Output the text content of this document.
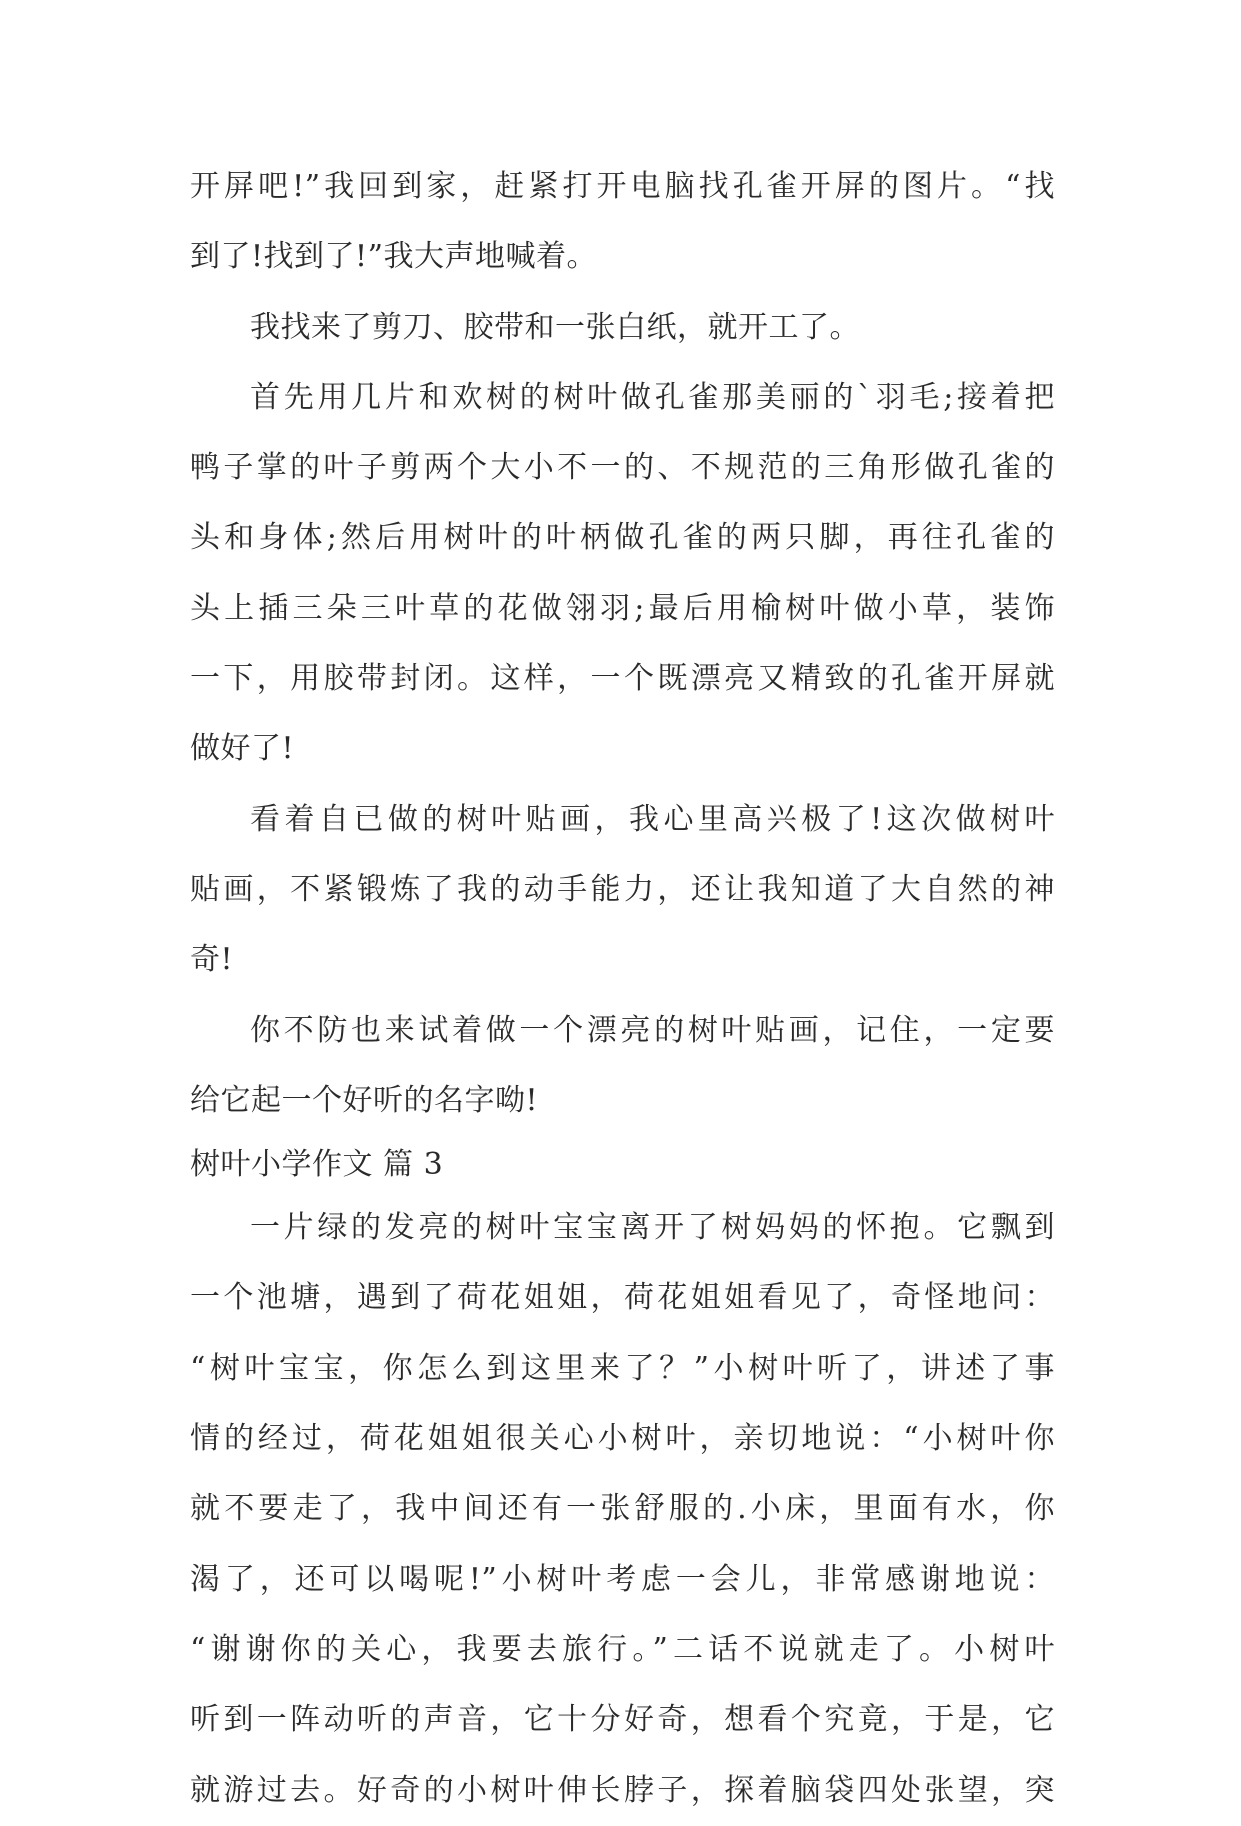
开屏吧!”我回到家，赶紧打开电脑找孔雀开屏的图片。“找
到了!找到了!”我大声地喊着。
我找来了剪刀、胶带和一张白纸，就开工了。
首先用几片和欢树的树叶做孔雀那美丽的`羽毛;接着把
鸭子掌的叶子剪两个大小不一的、不规范的三角形做孔雀的
头和身体;然后用树叶的叶柄做孔雀的两只脚，再往孔雀的
头上插三朵三叶草的花做翎羽;最后用榆树叶做小草，装饰
一下，用胶带封闭。这样，一个既漂亮又精致的孔雀开屏就
做好了!
看着自已做的树叶贴画，我心里高兴极了!这次做树叶
贴画，不紧锻炼了我的动手能力，还让我知道了大自然的神
奇!
你不防也来试着做一个漂亮的树叶贴画，记住，一定要
给它起一个好听的名字呦!
树叶小学作文 篇 3
一片绿的发亮的树叶宝宝离开了树妈妈的怀抱。它飘到
一个池塘，遇到了荷花姐姐，荷花姐姐看见了，奇怪地问：
“树叶宝宝，你怎么到这里来了？”小树叶听了，讲述了事
情的经过，荷花姐姐很关心小树叶，亲切地说：“小树叶你
就不要走了，我中间还有一张舒服的.小床，里面有水，你
渴了，还可以喝呢!”小树叶考虑一会儿，非常感谢地说：
“谢谢你的关心，我要去旅行。”二话不说就走了。小树叶
听到一阵动听的声音，它十分好奇，想看个究竟，于是，它
就游过去。好奇的小树叶伸长脖子，探着脑袋四处张望，突
